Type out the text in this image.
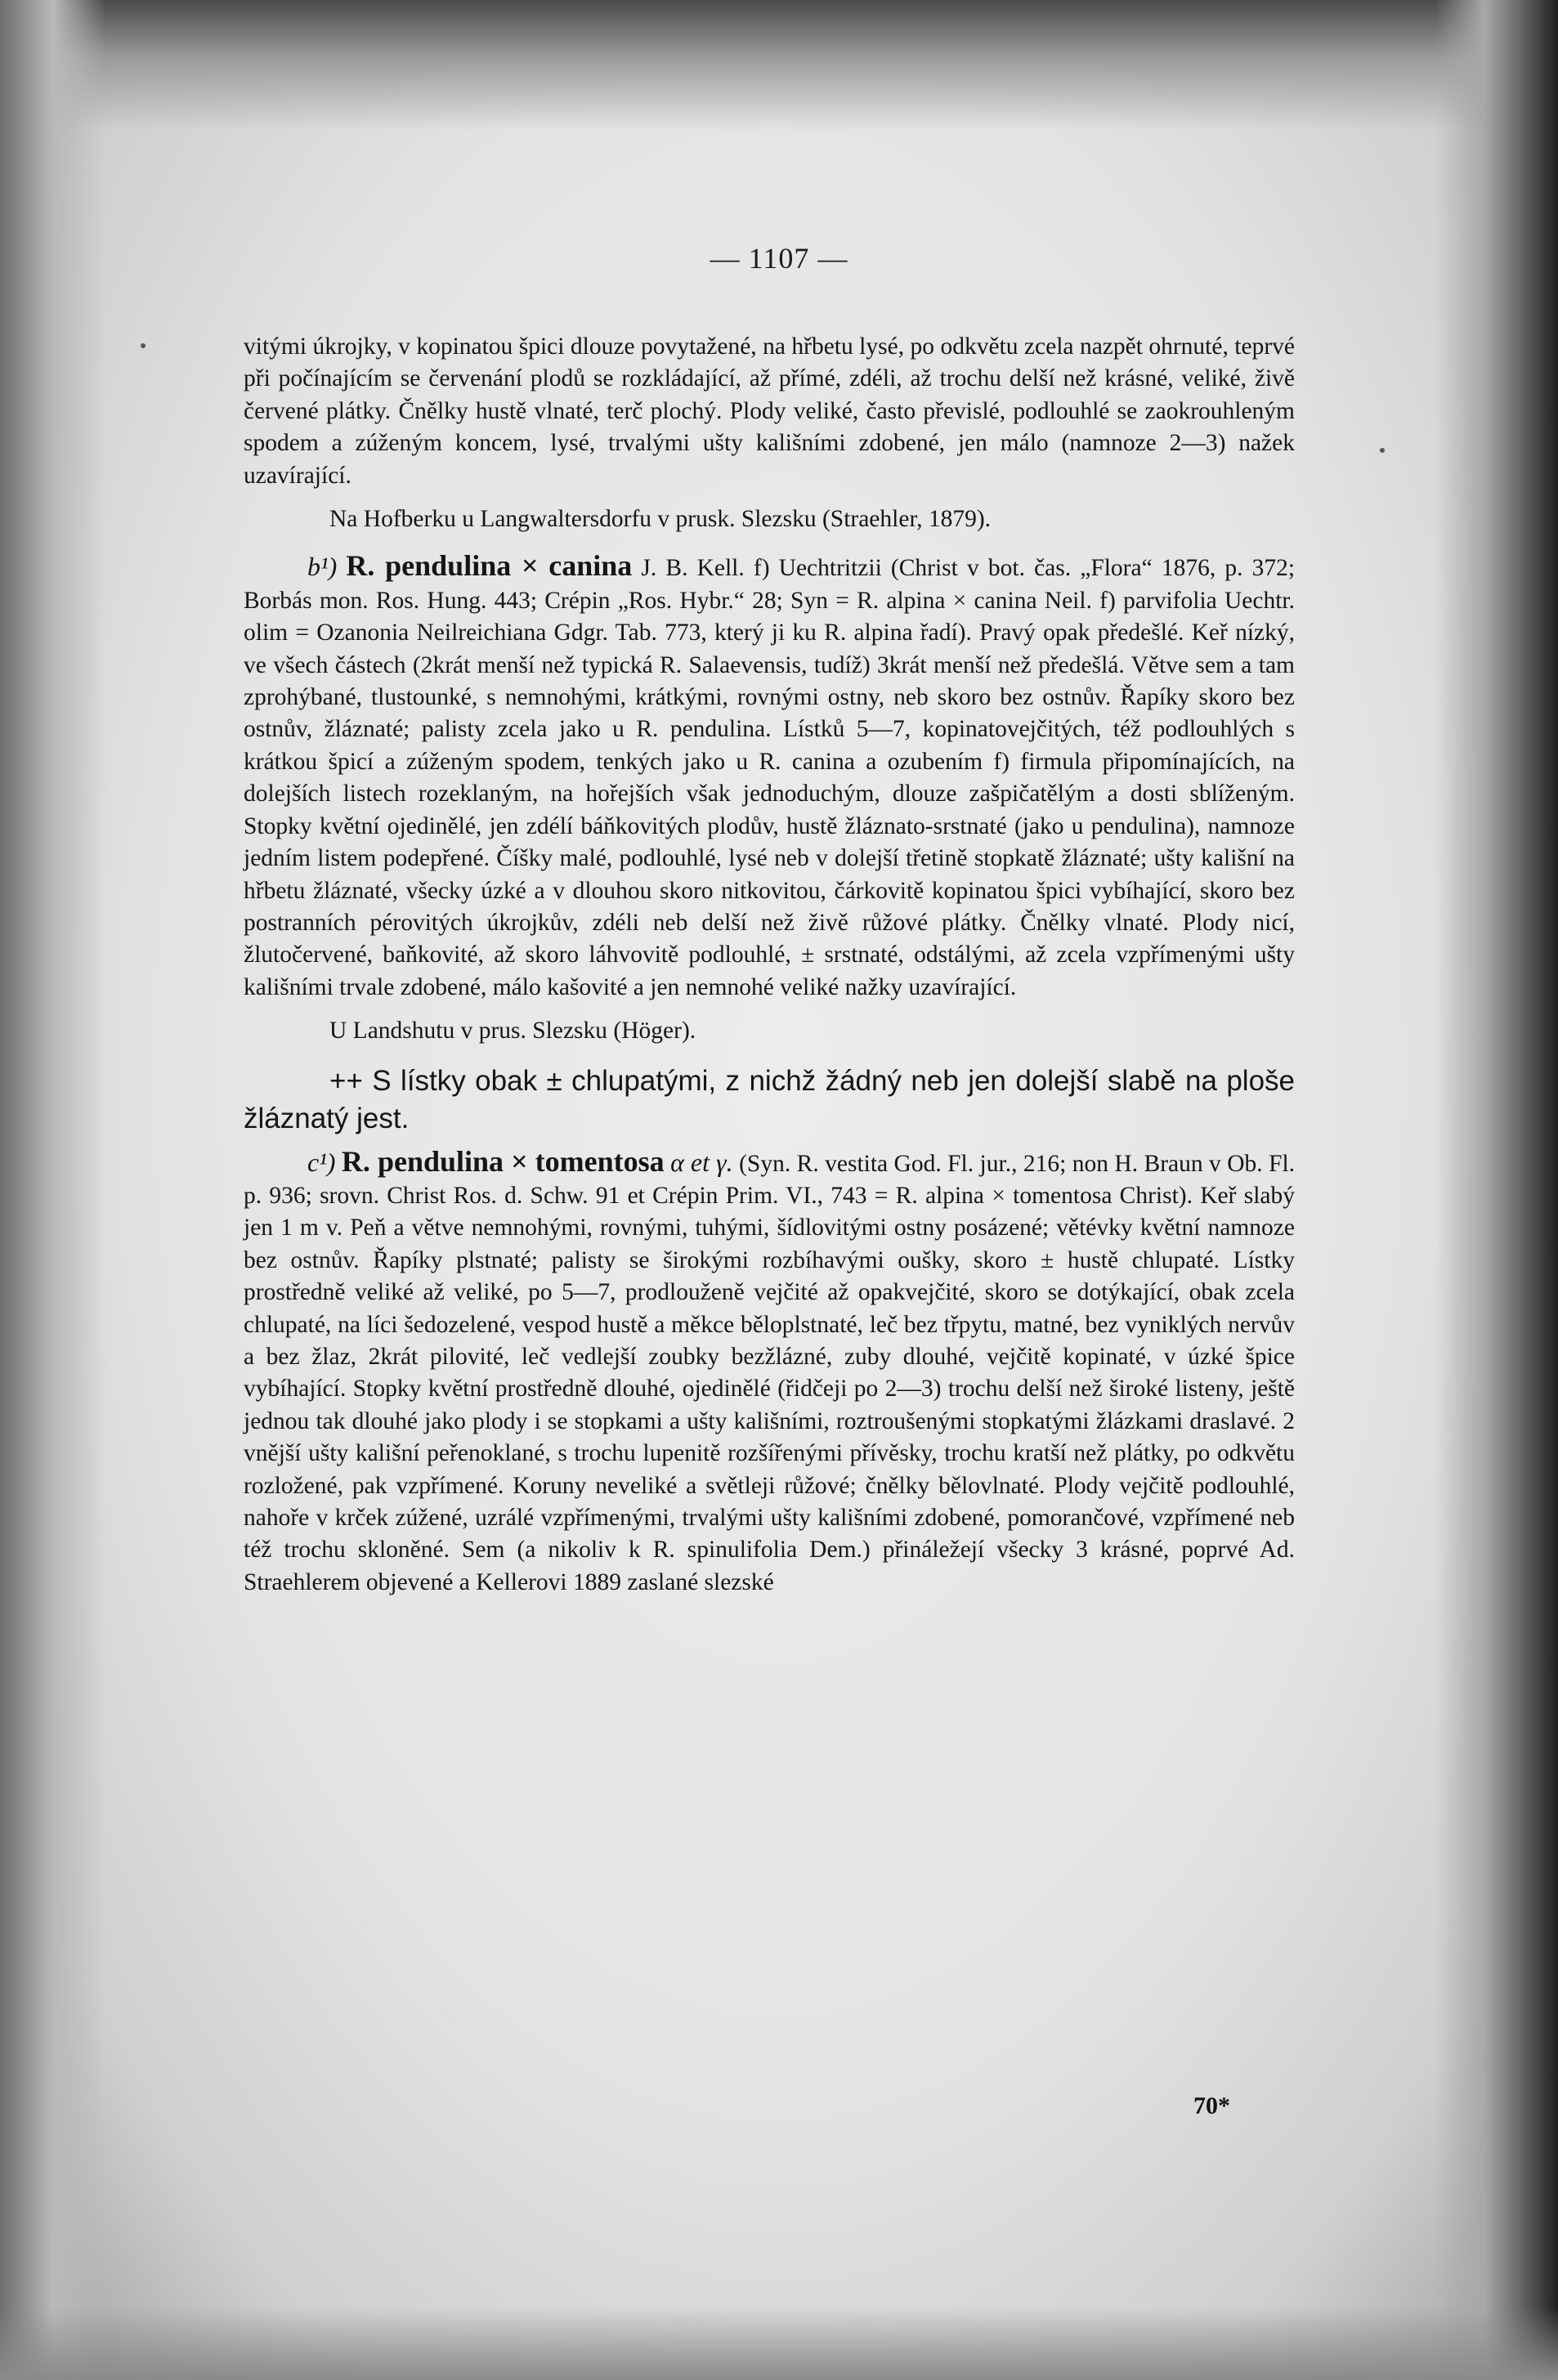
— 1107 —

vitými úkrojky, v kopinatou špici dlouze povytažené, na hřbetu lysé, po odkvětu zcela nazpět ohrnuté, teprvé při počínajícím se červenání plodů se rozkládající, až přímé, zdéli, až trochu delší než krásné, veliké, živě červené plátky. Čnělky hustě vlnaté, terč plochý. Plody veliké, často převislé, podlouhlé se zaokrouhleným spodem a zúženým koncem, lysé, trvalými ušty kališními zdobené, jen málo (namnoze 2—3) nažek uzavírající.

Na Hofberku u Langwaltersdorfu v prusk. Slezsku (Straehler, 1879).

b¹) R. pendulina × canina J. B. Kell. f) Uechtritzii (Christ v bot. čas. „Flora“ 1876, p. 372; Borbás mon. Ros. Hung. 443; Crépin „Ros. Hybr.“ 28; Syn = R. alpina × canina Neil. f) parvifolia Uechtr. olim = Ozanonia Neilreichiana Gdgr. Tab. 773, který ji ku R. alpina řadí). Pravý opak předešlé. Keř nízký, ve všech částech (2krát menší než typická R. Salaevensis, tudíž) 3krát menší než předešlá. Větve sem a tam zprohýbané, tlustounké, s nemnohými, krátkými, rovnými ostny, neb skoro bez ostnův. Řapíky skoro bez ostnův, žláznaté; palisty zcela jako u R. pendulina. Lístků 5—7, kopinatovejčitých, též podlouhlých s krátkou špicí a zúženým spodem, tenkých jako u R. canina a ozubením f) firmula připomínajících, na dolejších listech rozeklaným, na hořejších však jednoduchým, dlouze zašpičatělým a dosti sblíženým. Stopky květní ojedinělé, jen zdélí báňkovitých plodův, hustě žláznato-srstnaté (jako u pendulina), namnoze jedním listem podepřené. Číšky malé, podlouhlé, lysé neb v dolejší třetině stopkatě žláznaté; ušty kališní na hřbetu žláznaté, všecky úzké a v dlouhou skoro nitkovitou, čárkovitě kopinatou špici vybíhající, skoro bez postranních pérovitých úkrojkův, zdéli neb delší než živě růžové plátky. Čnělky vlnaté. Plody nicí, žlutočervené, baňkovité, až skoro láhvovitě podlouhlé, ± srstnaté, odstálými, až zcela vzpřímenými ušty kališními trvale zdobené, málo kašovité a jen nemnohé veliké nažky uzavírající.

U Landshutu v prus. Slezsku (Höger).

++ S lístky obak ± chlupatými, z nichž žádný neb jen dolejší slabě na ploše žláznatý jest.

c¹) R. pendulina × tomentosa α et γ. (Syn. R. vestita God. Fl. jur., 216; non H. Braun v Ob. Fl. p. 936; srovn. Christ Ros. d. Schw. 91 et Crépin Prim. VI., 743 = R. alpina × tomentosa Christ). Keř slabý jen 1 m v. Peň a větve nemnohými, rovnými, tuhými, šídlovitými ostny posázené; větévky květní namnoze bez ostnův. Řapíky plstnaté; palisty se širokými rozbíhavými oušky, skoro ± hustě chlupaté. Lístky prostředně veliké až veliké, po 5—7, prodlouženě vejčité až opakvejčité, skoro se dotýkající, obak zcela chlupaté, na líci šedozelené, vespod hustě a měkce běloplstnaté, leč bez třpytu, matné, bez vyniklých nervův a bez žlaz, 2krát pilovité, leč vedlejší zoubky bezžlázné, zuby dlouhé, vejčitě kopinaté, v úzké špice vybíhající. Stopky květní prostředně dlouhé, ojedinělé (řidčeji po 2—3) trochu delší než široké listeny, ještě jednou tak dlouhé jako plody i se stopkami a ušty kališními, roztroušenými stopkatými žlázkami draslavé. 2 vnější ušty kališní peřenoklané, s trochu lupenitě rozšířenými přívěsky, trochu kratší než plátky, po odkvětu rozložené, pak vzpřímené. Koruny neveliké a světleji růžové; čnělky bělovlnaté. Plody vejčitě podlouhlé, nahoře v krček zúžené, uzrálé vzpřímenými, trvalými ušty kališními zdobené, pomorančové, vzpřímené neb též trochu skloněné. Sem (a nikoliv k R. spinulifolia Dem.) přináležejí všecky 3 krásné, poprvé Ad. Straehlerem objevené a Kellerovi 1889 zaslané slezské

70*
